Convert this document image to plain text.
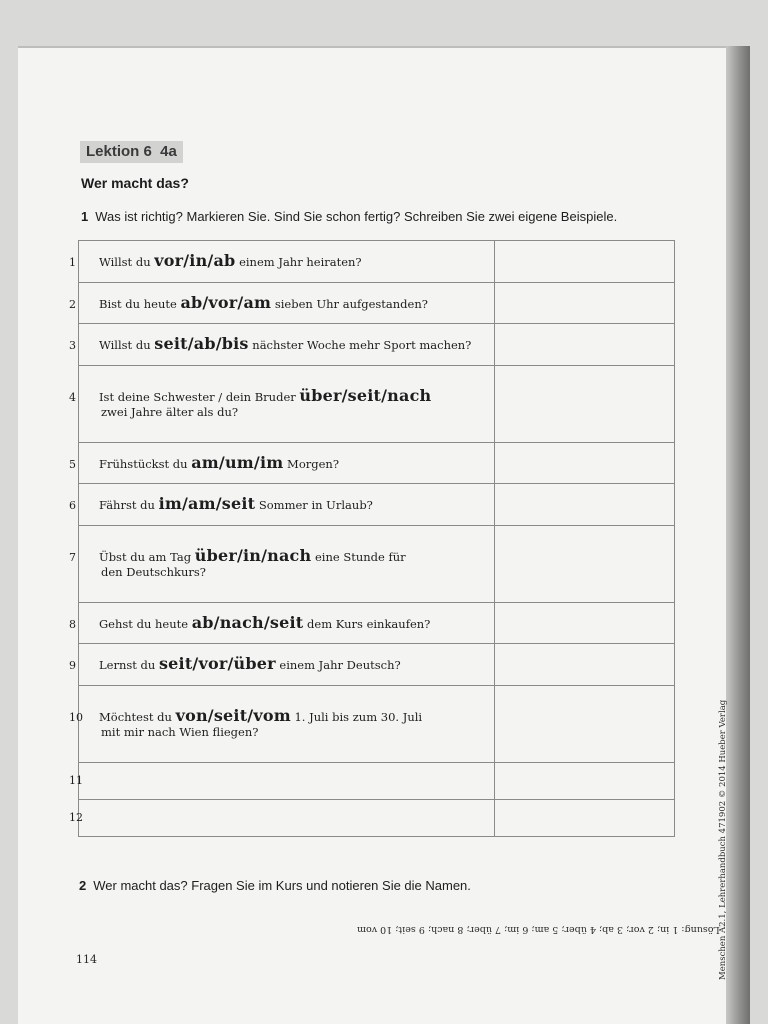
Lektion 6  4a
Wer macht das?
1 Was ist richtig? Markieren Sie. Sind Sie schon fertig? Schreiben Sie zwei eigene Beispiele.
1 Willst du vor/in/ab einem Jahr heiraten?	

2 Bist du heute ab/vor/am sieben Uhr aufgestanden?	

3 Willst du seit/ab/bis nächster Woche mehr Sport machen?	

4 Ist deine Schwester / dein Bruder über/seit/nach
zwei Jahre älter als du?	

5 Frühstückst du am/um/im Morgen?	

6 Fährst du im/am/seit Sommer in Urlaub?	

7 Übst du am Tag über/in/nach eine Stunde für
den Deutschkurs?	

8 Gehst du heute ab/nach/seit dem Kurs einkaufen?	

9 Lernst du seit/vor/über einem Jahr Deutsch?	

10 Möchtest du von/seit/vom 1. Juli bis zum 30. Juli
mit mir nach Wien fliegen?	

11	

12	

2 Wer macht das? Fragen Sie im Kurs und notieren Sie die Namen.
Lösung: 1 in; 2 vor; 3 ab; 4 über; 5 am; 6 im; 7 über; 8 nach; 9 seit; 10 vom
114	Menschen A2.1, Lehrerhandbuch 471902 © 2014 Hueber Verlag
